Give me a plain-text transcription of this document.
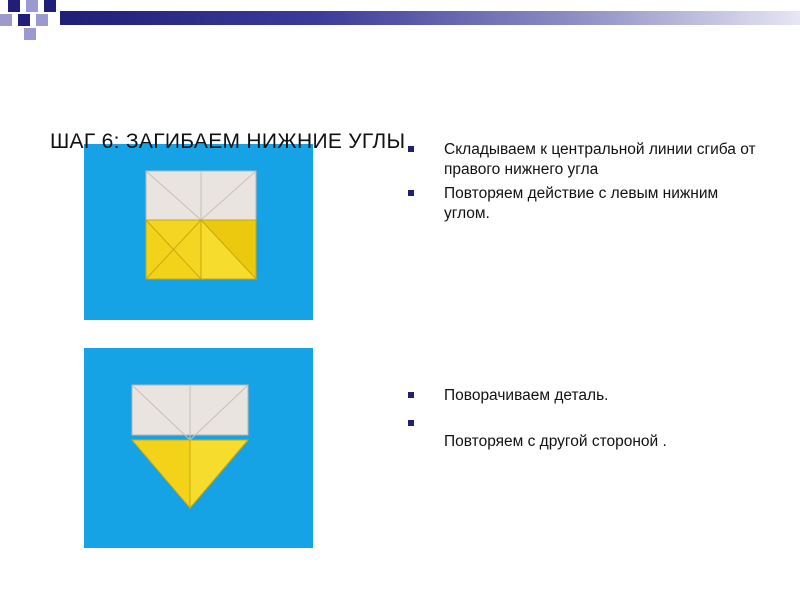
ШАГ 6: ЗАГИБАЕМ НИЖНИЕ УГЛЫ	Складываем к центральной линии сгиба от правого нижнего угла
Повторяем действие с левым нижним углом.
Поворачиваем деталь.
Повторяем с другой стороной .
